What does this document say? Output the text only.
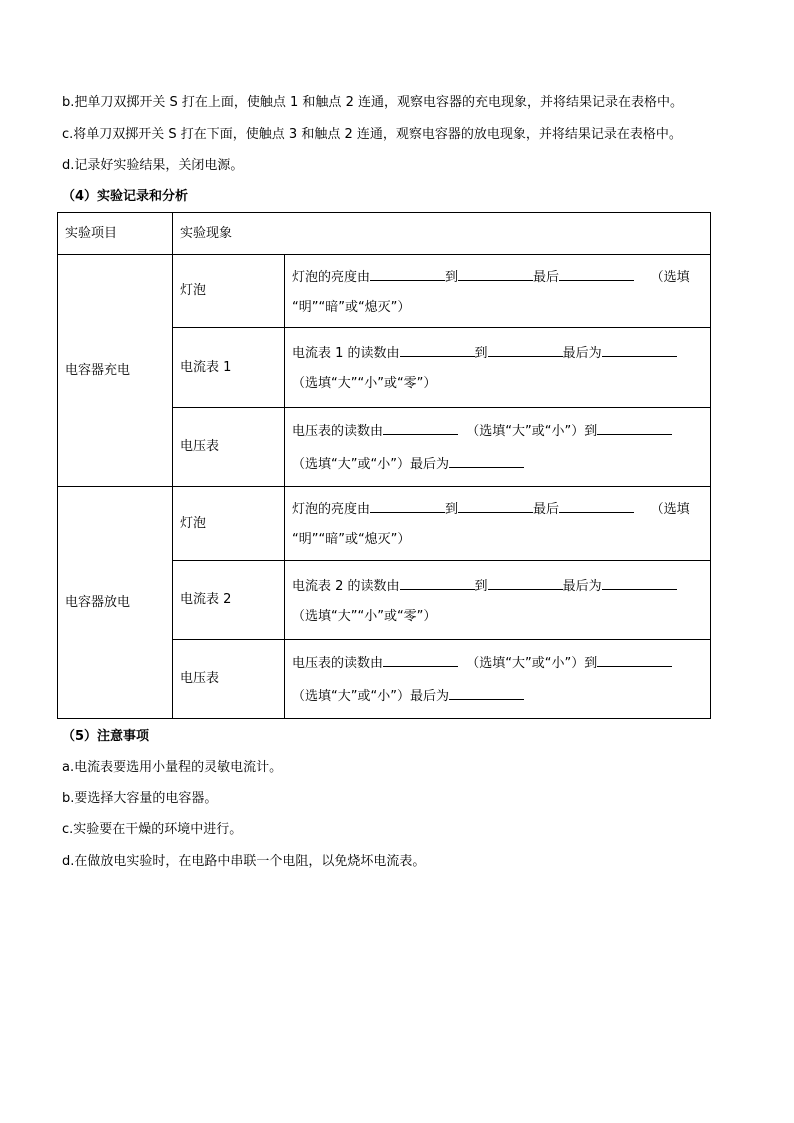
b.把单刀双掷开关 S 打在上面，使触点 1 和触点 2 连通，观察电容器的充电现象，并将结果记录在表格中。
c.将单刀双掷开关 S 打在下面，使触点 3 和触点 2 连通，观察电容器的放电现象，并将结果记录在表格中。
d.记录好实验结果，关闭电源。
（4）实验记录和分析
实验项目	实验现象	
电容器充电	灯泡	灯泡的亮度由 到 最后 （选填
“明”“暗”或“熄灭”）

	电流表 1	电流表 1 的读数由 到 最后为
（选填“大”“小”或“零”）

	电压表	电压表的读数由 （选填“大”或“小”）到
（选填“大”或“小”）最后为

电容器放电	灯泡	灯泡的亮度由 到 最后 （选填
“明”“暗”或“熄灭”）

	电流表 2	电流表 2 的读数由 到 最后为
（选填“大”“小”或“零”）

	电压表	电压表的读数由 （选填“大”或“小”）到
（选填“大”或“小”）最后为
（5）注意事项
a.电流表要选用小量程的灵敏电流计。
b.要选择大容量的电容器。
c.实验要在干燥的环境中进行。
d.在做放电实验时，在电路中串联一个电阻，以免烧坏电流表。
